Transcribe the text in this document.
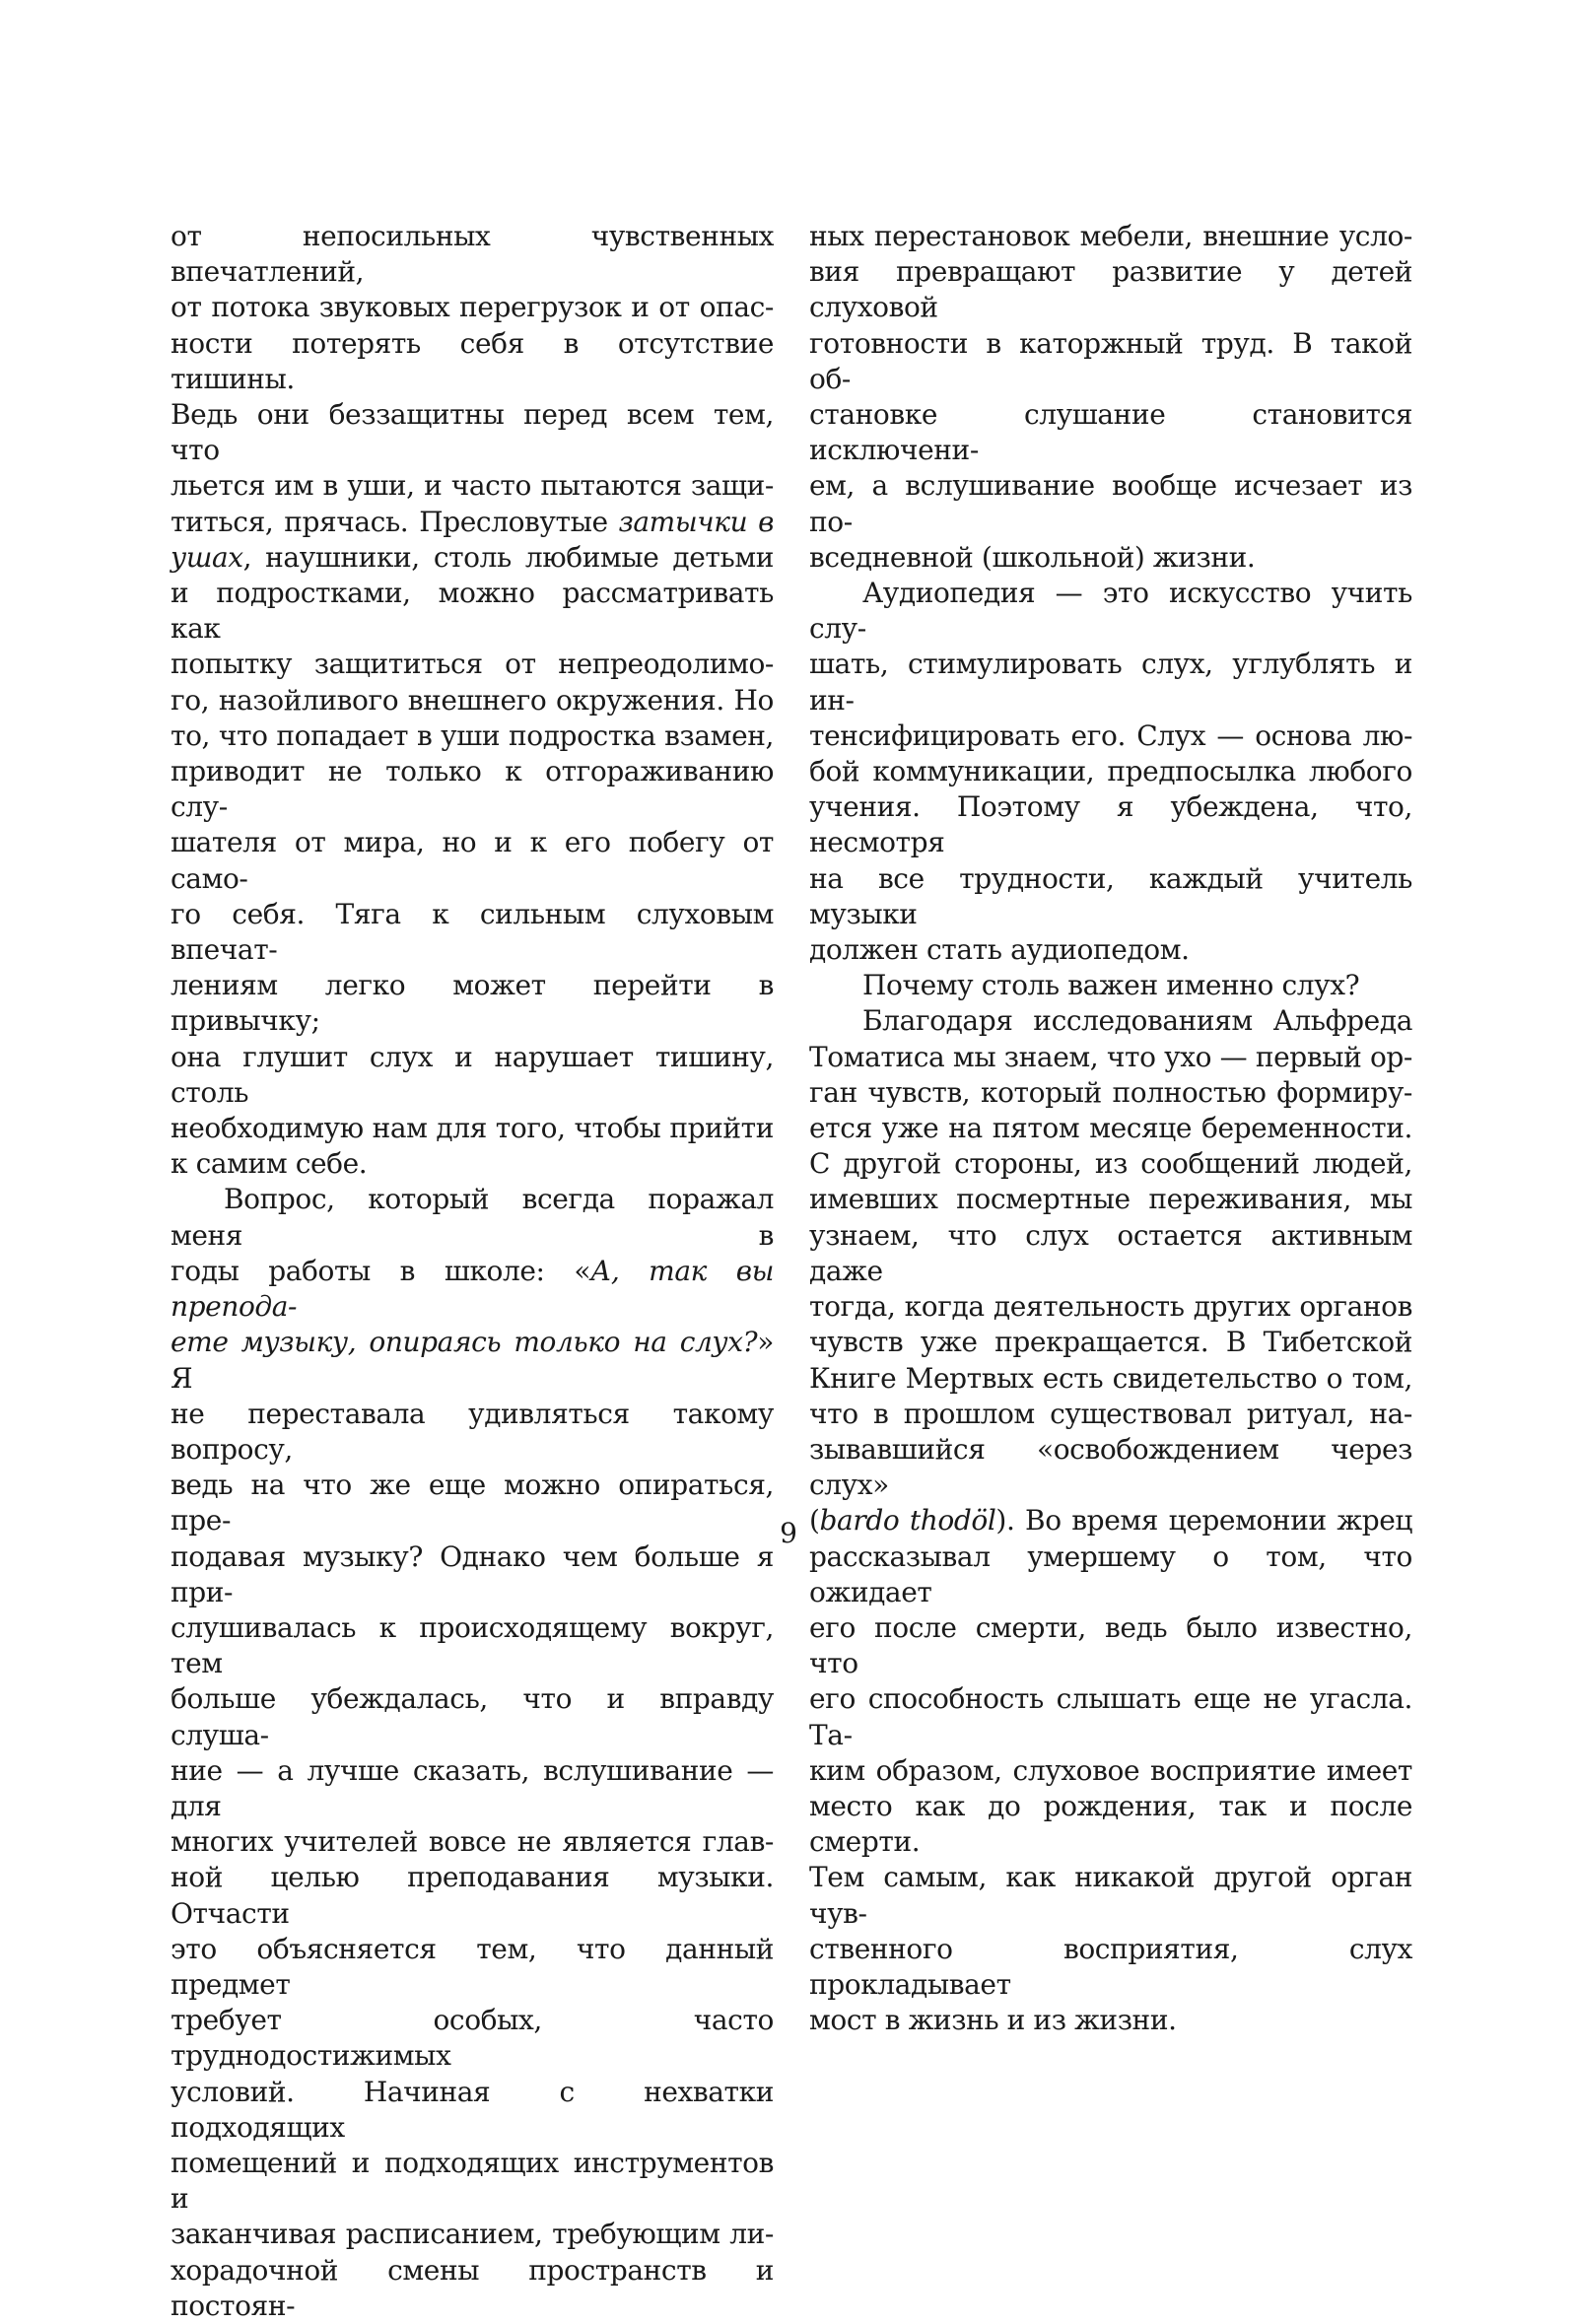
от непосильных чувственных впечатлений,

от потока звуковых перегрузок и от опас-

ности потерять себя в отсутствие тишины.

Ведь они беззащитны перед всем тем, что

льется им в уши, и часто пытаются защи-

титься, прячась. Пресловутые затычки в

ушах, наушники, столь любимые детьми

и подростками, можно рассматривать как

попытку защититься от непреодолимо-

го, назойливого внешнего окружения. Но

то, что попадает в уши подростка взамен,

приводит не только к отгораживанию слу-

шателя от мира, но и к его побегу от само-

го себя. Тяга к сильным слуховым впечат-

лениям легко может перейти в привычку;

она глушит слух и нарушает тишину, столь

необходимую нам для того, чтобы прийти

к самим себе.

Вопрос, который всегда поражал меня в

годы работы в школе: «А, так вы препода-

ете музыку, опираясь только на слух?» Я

не переставала удивляться такому вопросу,

ведь на что же еще можно опираться, пре-

подавая музыку? Однако чем больше я при-

слушивалась к происходящему вокруг, тем

больше убеждалась, что и вправду слуша-

ние — а лучше сказать, вслушивание — для

многих учителей вовсе не является глав-

ной целью преподавания музыки. Отчасти

это объясняется тем, что данный предмет

требует особых, часто труднодостижимых

условий. Начиная с нехватки подходящих

помещений и подходящих инструментов и

заканчивая расписанием, требующим ли-

хорадочной смены пространств и постоян-

ных перестановок мебели, внешние усло-

вия превращают развитие у детей слуховой

готовности в каторжный труд. В такой об-

становке слушание становится исключени-

ем, а вслушивание вообще исчезает из по-

вседневной (школьной) жизни.

Аудиопедия — это искусство учить слу-

шать, стимулировать слух, углублять и ин-

тенсифицировать его. Слух — основа лю-

бой коммуникации, предпосылка любого

учения. Поэтому я убеждена, что, несмотря

на все трудности, каждый учитель музыки

должен стать аудиопедом.

Почему столь важен именно слух?

Благодаря исследованиям Альфреда

Томатиса мы знаем, что ухо — первый ор-

ган чувств, который полностью формиру-

ется уже на пятом месяце беременности.

С другой стороны, из сообщений людей,

имевших посмертные переживания, мы

узнаем, что слух остается активным даже

тогда, когда деятельность других органов

чувств уже прекращается. В Тибетской

Книге Мертвых есть свидетельство о том,

что в прошлом существовал ритуал, на-

зывавшийся «освобождением через слух»

(bardo thodöl). Во время церемонии жрец

рассказывал умершему о том, что ожидает

его после смерти, ведь было известно, что

его способность слышать еще не угасла. Та-

ким образом, слуховое восприятие имеет

место как до рождения, так и после смерти.

Тем самым, как никакой другой орган чув-

ственного восприятия, слух прокладывает

мост в жизнь и из жизни.

9
